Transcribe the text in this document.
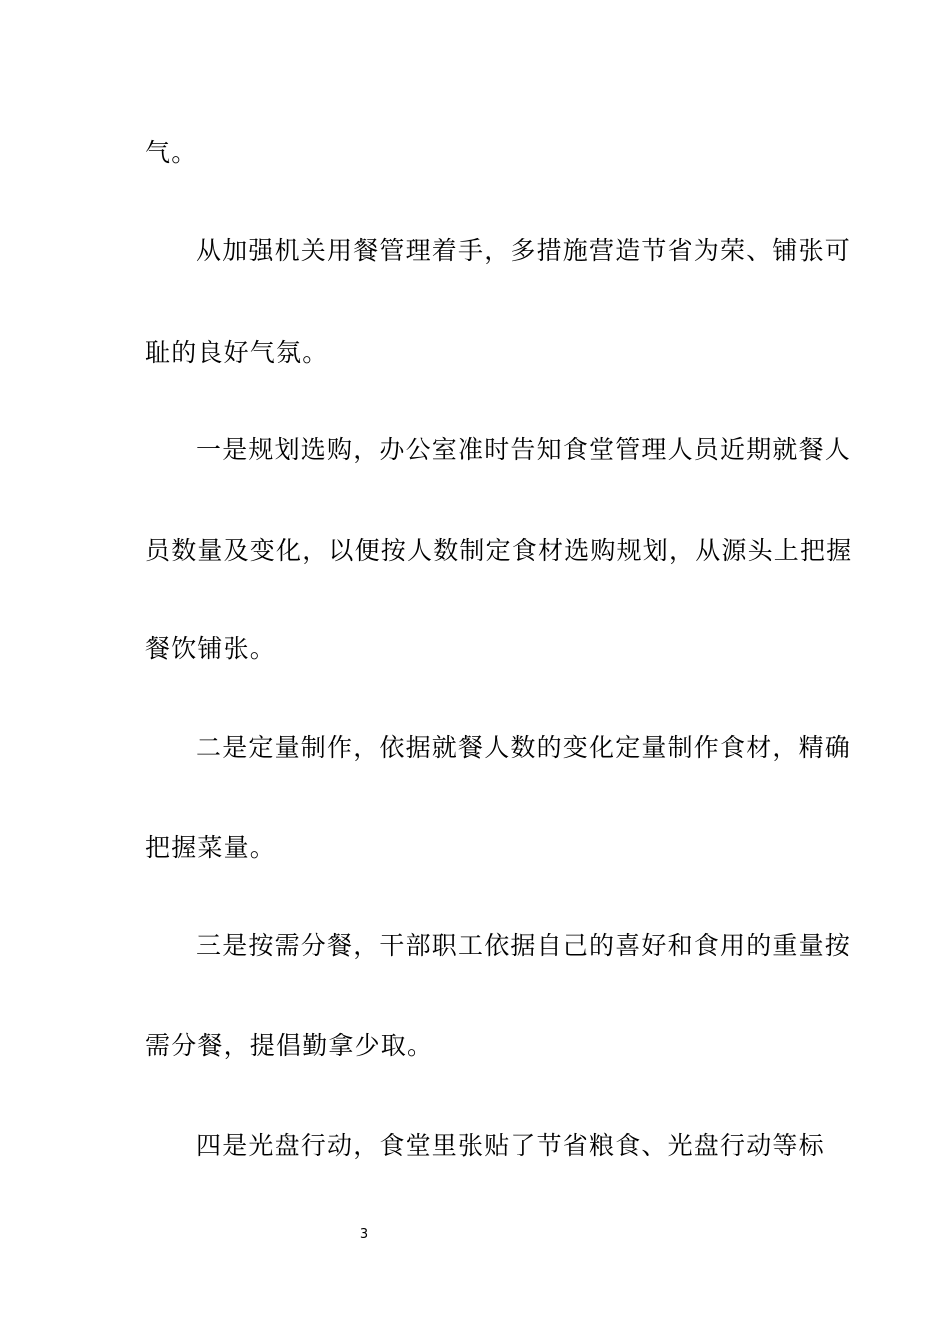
气。
从加强机关用餐管理着手，多措施营造节省为荣、铺张可
耻的良好气氛。
一是规划选购，办公室准时告知食堂管理人员近期就餐人
员数量及变化，以便按人数制定食材选购规划，从源头上把握
餐饮铺张。
二是定量制作，依据就餐人数的变化定量制作食材，精确
把握菜量。
三是按需分餐，干部职工依据自己的喜好和食用的重量按
需分餐，提倡勤拿少取。
四是光盘行动，食堂里张贴了节省粮食、光盘行动等标
3
